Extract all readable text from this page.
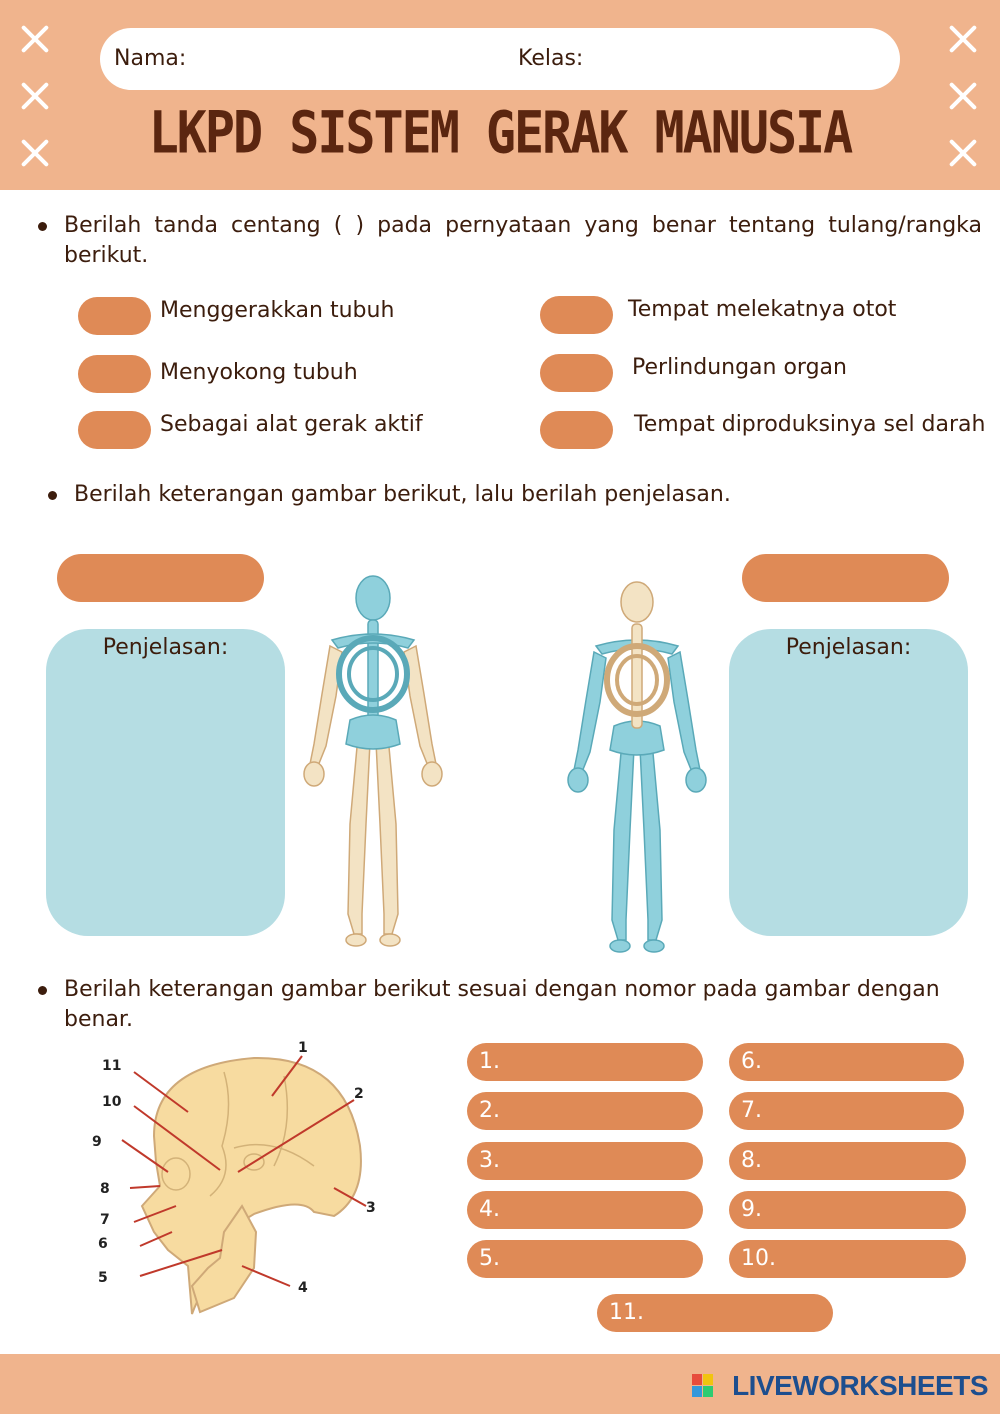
Nama:	Kelas:
LKPD SISTEM GERAK MANUSIA
Berilah tanda centang ( ) pada pernyataan yang benar tentang tulang/rangka berikut.
Menggerakkan tubuh
Menyokong tubuh
Sebagai alat gerak aktif
Tempat melekatnya otot
Perlindungan organ
Tempat diproduksinya sel darah
Berilah keterangan gambar berikut, lalu berilah penjelasan.
Penjelasan:	Penjelasan:
Berilah keterangan gambar berikut sesuai dengan nomor pada gambar dengan benar.
1
2
3
4
5
6
7
8
9
10
11	1.
2.
3.
4.
5.
6.
7.
8.
9.
10.
11.
LIVEWORKSHEETS
